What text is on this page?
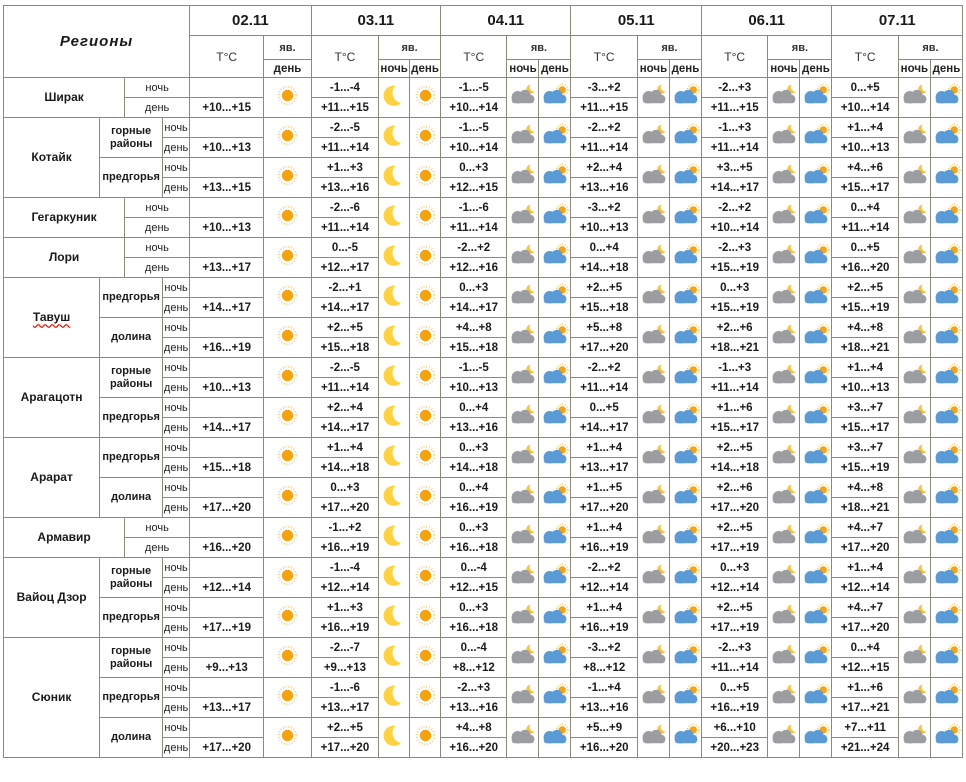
Регионы				02.11		03.11			04.11			05.11			06.11			07.11		
				Т°С	яв.	Т°С	яв.		Т°С	яв.		Т°С	яв.		Т°С	яв.		Т°С	яв.	
					день		ночь	день		ночь	день		ночь	день		ночь	день		ночь	день
Ширак		ночь				-1...-4			-1...-5			-3...+2			-2...+3			0...+5	

		день		+10...+15		+11...+15			+10...+14			+11...+15			+11...+15			+10...+14		
Котайк	горные районы		ночь			-2...-5			-1...-5			-2...+2			-1...+3			+1...+4	

			день	+10...+13		+11...+14			+10...+14			+11...+14			+11...+14			+10...+13		
	предгорья		ночь			+1...+3			0...+3			+2...+4			+3...+5			+4...+6	

			день	+13...+15		+13...+16			+12...+15			+13...+16			+14...+17			+15...+17		
Гегаркуник		ночь				-2...-6			-1...-6			-3...+2			-2...+2			0...+4	

		день		+10...+13		+11...+14			+11...+14			+10...+13			+10...+14			+11...+14		
Лори		ночь				0...-5			-2...+2			0...+4			-2...+3			0...+5	

		день		+13...+17		+12...+17			+12...+16			+14...+18			+15...+19			+16...+20		
Тавуш	предгорья		ночь			-2...+1			0...+3			+2...+5			0...+3			+2...+5	

			день	+14...+17		+14...+17			+14...+17			+15...+18			+15...+19			+15...+19		
	долина		ночь			+2...+5			+4...+8			+5...+8			+2...+6			+4...+8	

			день	+16...+19		+15...+18			+15...+18			+17...+20			+18...+21			+18...+21		
Арагацотн	горные районы		ночь			-2...-5			-1...-5			-2...+2			-1...+3			+1...+4	

			день	+10...+13		+11...+14			+10...+13			+11...+14			+11...+14			+10...+13		
	предгорья		ночь			+2...+4			0...+4			0...+5			+1...+6			+3...+7	

			день	+14...+17		+14...+17			+13...+16			+14...+17			+15...+17			+15...+17		
Арарат	предгорья		ночь			+1...+4			0...+3			+1...+4			+2...+5			+3...+7	

			день	+15...+18		+14...+18			+14...+18			+13...+17			+14...+18			+15...+19		
	долина		ночь			0...+3			0...+4			+1...+5			+2...+6			+4...+8	

			день	+17...+20		+17...+20			+16...+19			+17...+20			+17...+20			+18...+21		
Армавир		ночь				-1...+2			0...+3			+1...+4			+2...+5			+4...+7	

		день		+16...+20		+16...+19			+16...+18			+16...+19			+17...+19			+17...+20		
Вайоц Дзор	горные районы		ночь			-1...-4			0...-4			-2...+2			0...+3			+1...+4	

			день	+12...+14		+12...+14			+12...+15			+12...+14			+12...+14			+12...+14		
	предгорья		ночь			+1...+3			0...+3			+1...+4			+2...+5			+4...+7	

			день	+17...+19		+16...+19			+16...+18			+16...+19			+17...+19			+17...+20		
Сюник	горные районы		ночь			-2...-7			0...-4			-3...+2			-2...+3			0...+4	

			день	+9...+13		+9...+13			+8...+12			+8...+12			+11...+14			+12...+15		
	предгорья		ночь			-1...-6			-2...+3			-1...+4			0...+5			+1...+6	

			день	+13...+17		+13...+17			+13...+16			+13...+16			+16...+19			+17...+21		
	долина		ночь			+2...+5			+4...+8			+5...+9			+6...+10			+7...+11	

			день	+17...+20		+17...+20			+16...+20			+16...+20			+20...+23			+21...+24		
